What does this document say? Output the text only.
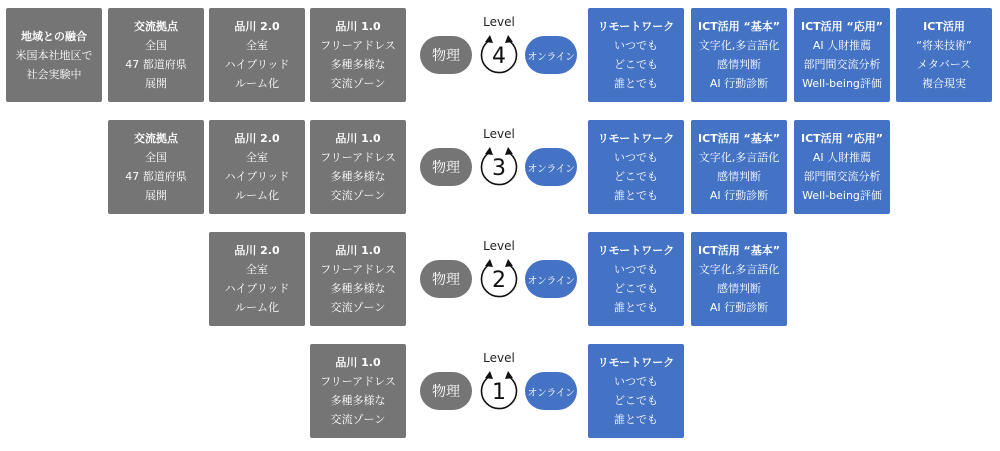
地域との融合
米国本社地区で
社会実験中
交流拠点
全国
47 都道府県
展開
品川 2.0
全室
ハイブリッド
ルーム化
品川 1.0
フリーアドレス
多種多様な
交流ゾーン
リモートワーク
いつでも
どこでも
誰とでも
ICT活用 “基本”
文字化,多言語化
感情判断
AI 行動診断
ICT活用 “応用”
AI 人財推薦
部門間交流分析
Well-being評価
ICT活用
“将来技術”
メタバース
複合現実
物理	オンライン
Level
4
交流拠点
全国
47 都道府県
展開
品川 2.0
全室
ハイブリッド
ルーム化
品川 1.0
フリーアドレス
多種多様な
交流ゾーン
リモートワーク
いつでも
どこでも
誰とでも
ICT活用 “基本”
文字化,多言語化
感情判断
AI 行動診断
ICT活用 “応用”
AI 人財推薦
部門間交流分析
Well-being評価
物理	オンライン
Level
3
品川 2.0
全室
ハイブリッド
ルーム化
品川 1.0
フリーアドレス
多種多様な
交流ゾーン
リモートワーク
いつでも
どこでも
誰とでも
ICT活用 “基本”
文字化,多言語化
感情判断
AI 行動診断
物理	オンライン
Level
2
品川 1.0
フリーアドレス
多種多様な
交流ゾーン
リモートワーク
いつでも
どこでも
誰とでも
物理	オンライン
Level
1
